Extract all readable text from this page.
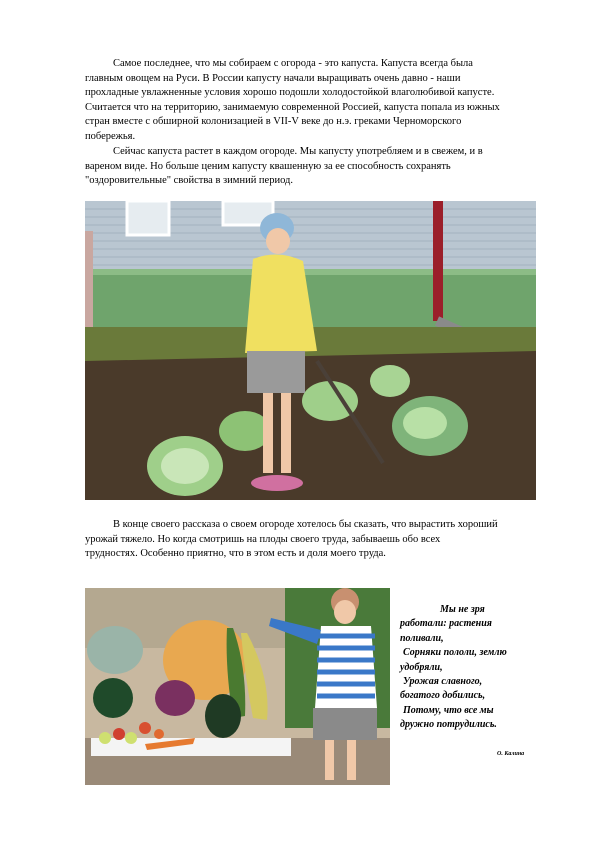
Самое последнее, что мы собираем с огорода - это капуста. Капуста всегда была
главным овощем на Руси. В России капусту начали выращивать очень давно - наши
прохладные увлажненные условия хорошо подошли холодостойкой влаголюбивой капусте.
Считается что на территорию, занимаемую современной Россией, капуста попала из южных
стран вместе с обширной колонизацией в VII-V веке до н.э. греками Черноморского
побережья.

Сейчас капуста растет в каждом огороде. Мы капусту употребляем и в свежем, и в
вареном виде. Но больше ценим капусту квашенную за ее способность сохранять
"оздоровительные" свойства в зимний период.

В конце своего рассказа о своем огороде хотелось бы сказать, что вырастить хороший
урожай тяжело. Но когда смотришь на плоды своего труда, забываешь обо всех
трудностях. Особенно приятно, что в этом есть и доля моего труда.

Мы не зря
работали: растения
поливали,
Сорняки пололи, землю
удобряли,
Урожая славного,
богатого добились,
Потому, что все мы
дружно потрудились.
О. Калина
